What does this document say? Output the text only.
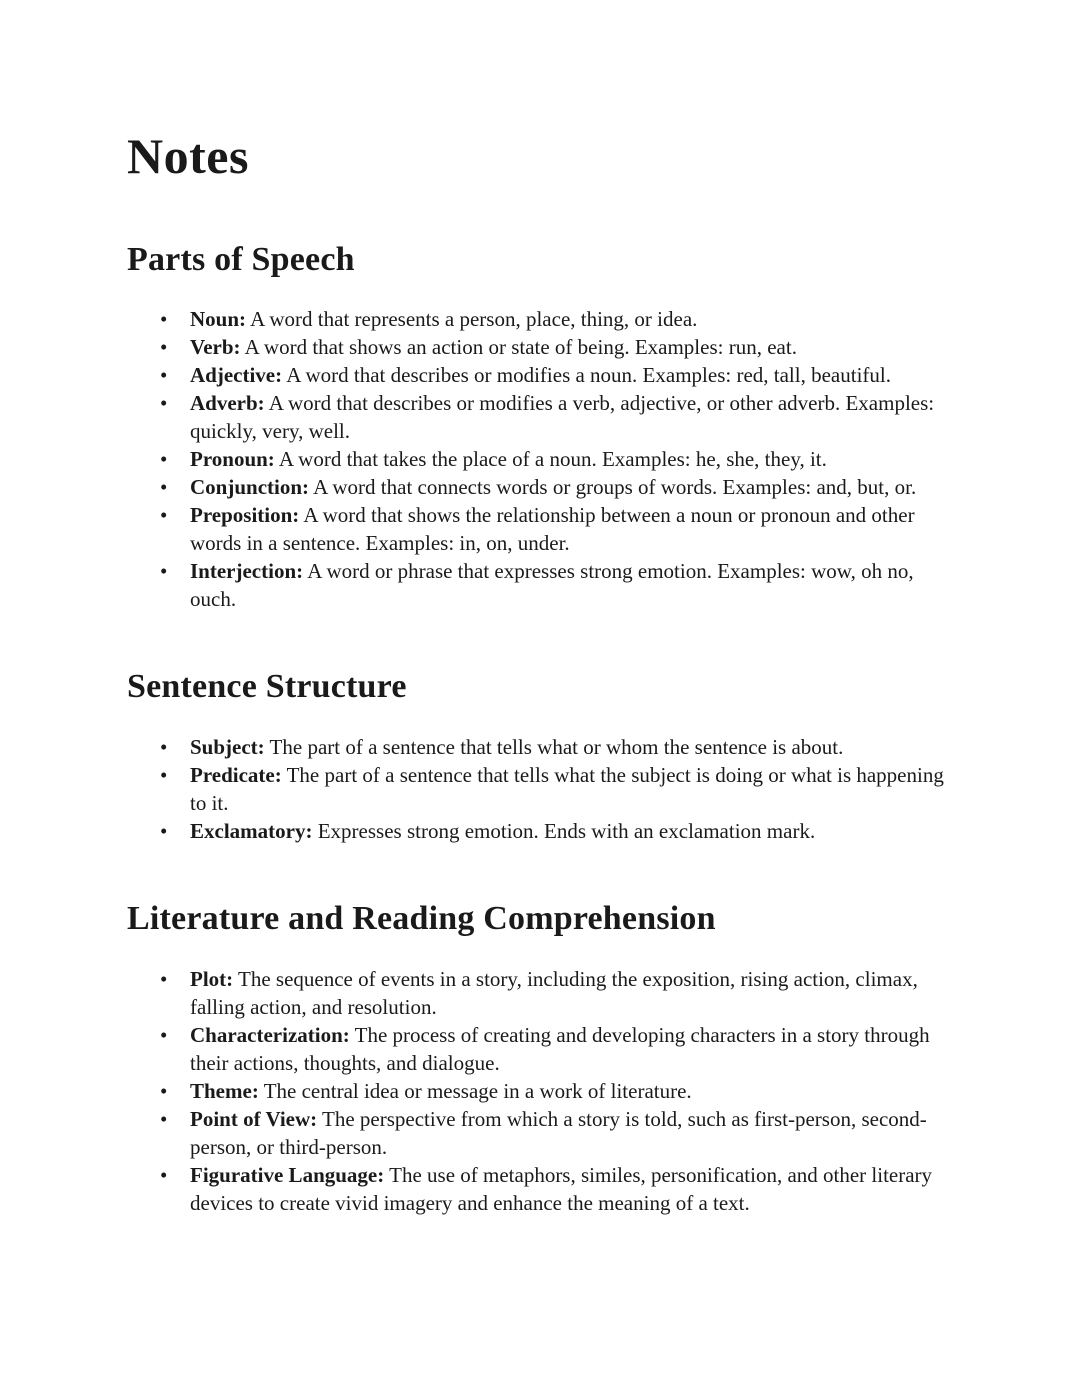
Notes
Parts of Speech
• Noun: A word that represents a person, place, thing, or idea.
• Verb: A word that shows an action or state of being. Examples: run, eat.
• Adjective: A word that describes or modifies a noun. Examples: red, tall, beautiful.
• Adverb: A word that describes or modifies a verb, adjective, or other adverb. Examples: quickly, very, well.
• Pronoun: A word that takes the place of a noun. Examples: he, she, they, it.
• Conjunction: A word that connects words or groups of words. Examples: and, but, or.
• Preposition: A word that shows the relationship between a noun or pronoun and other words in a sentence. Examples: in, on, under.
• Interjection: A word or phrase that expresses strong emotion. Examples: wow, oh no, ouch.
Sentence Structure
• Subject: The part of a sentence that tells what or whom the sentence is about.
• Predicate: The part of a sentence that tells what the subject is doing or what is happening to it.
• Exclamatory: Expresses strong emotion. Ends with an exclamation mark.
Literature and Reading Comprehension
• Plot: The sequence of events in a story, including the exposition, rising action, climax, falling action, and resolution.
• Characterization: The process of creating and developing characters in a story through their actions, thoughts, and dialogue.
• Theme: The central idea or message in a work of literature.
• Point of View: The perspective from which a story is told, such as first-person, second-person, or third-person.
• Figurative Language: The use of metaphors, similes, personification, and other literary devices to create vivid imagery and enhance the meaning of a text.
